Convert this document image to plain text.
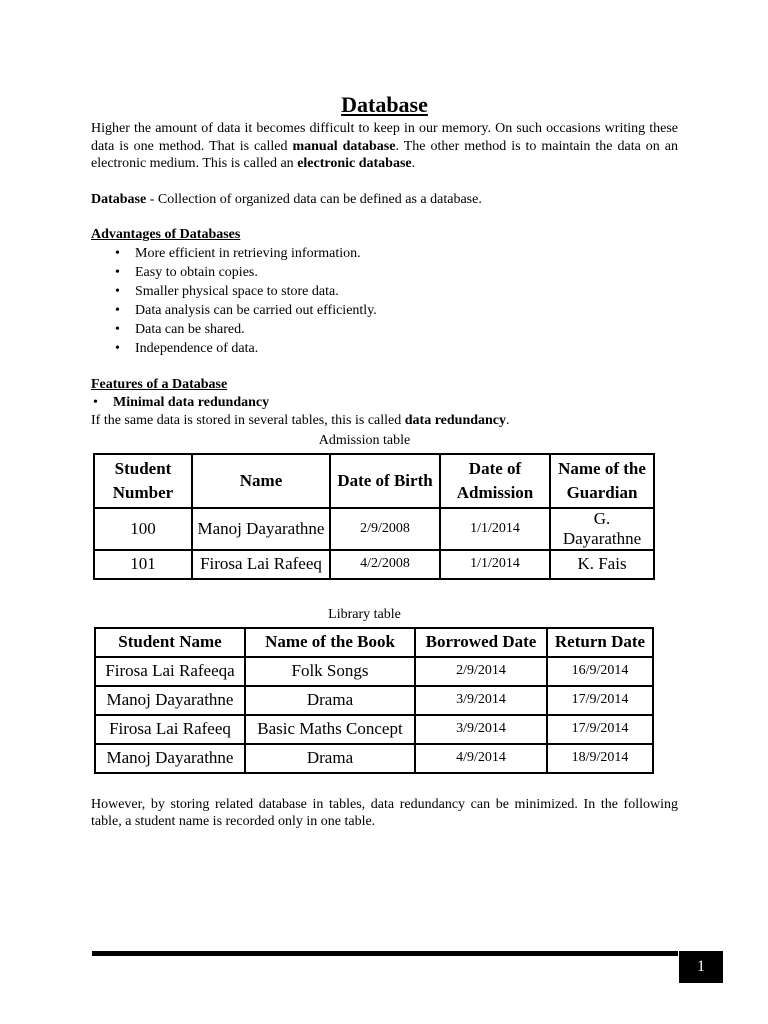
Database

Higher the amount of data it becomes difficult to keep in our memory. On such occasions writing these data is one method. That is called manual database. The other method is to maintain the data on an electronic medium. This is called an electronic database.

Database - Collection of organized data can be defined as a database.

Advantages of Databases
• More efficient in retrieving information.
• Easy to obtain copies.
• Smaller physical space to store data.
• Data analysis can be carried out efficiently.
• Data can be shared.
• Independence of data.
Features of a Database
• Minimal data redundancy

If the same data is stored in several tables, this is called data redundancy.

Admission table
Student Number	Name	Date of Birth	Date of Admission	Name of the Guardian
100	Manoj Dayarathne	2/9/2008	1/1/2014	G. Dayarathne
101	Firosa Lai Rafeeq	4/2/2008	1/1/2014	K. Fais
Library table
Student Name	Name of the Book	Borrowed Date	Return Date
Firosa Lai Rafeeqa	Folk Songs	2/9/2014	16/9/2014
Manoj Dayarathne	Drama	3/9/2014	17/9/2014
Firosa Lai Rafeeq	Basic Maths Concept	3/9/2014	17/9/2014
Manoj Dayarathne	Drama	4/9/2014	18/9/2014

However, by storing related database in tables, data redundancy can be minimized. In the following table, a student name is recorded only in one table.

1
